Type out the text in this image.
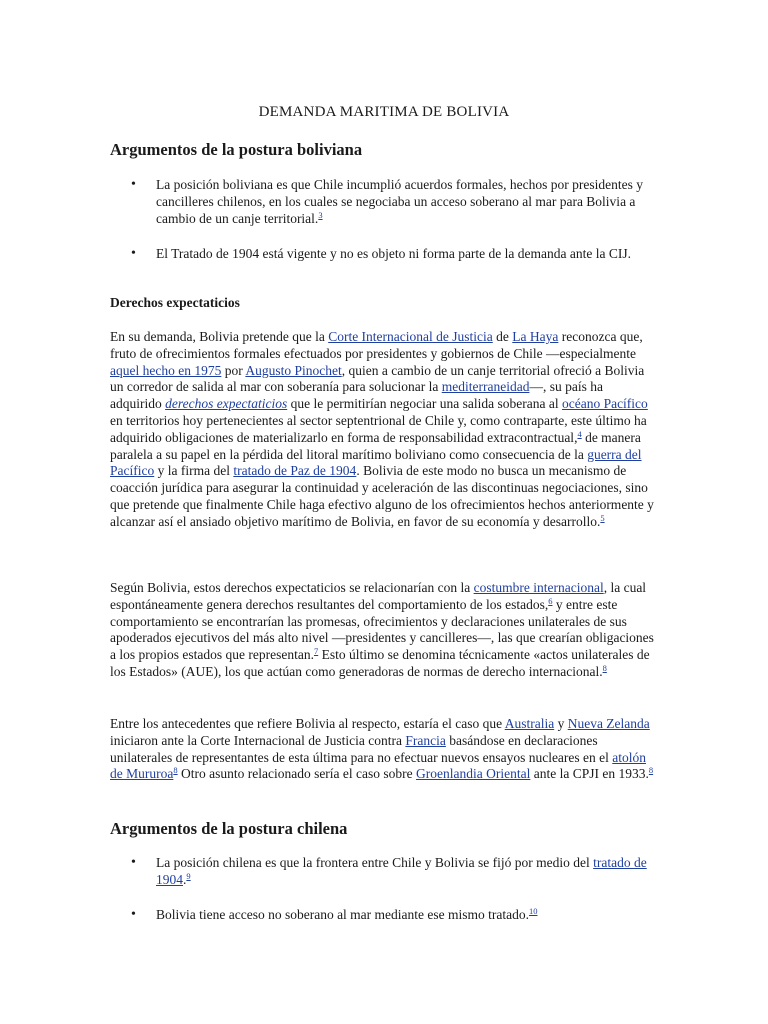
DEMANDA MARITIMA DE BOLIVIA
Argumentos de la postura boliviana
• La posición boliviana es que Chile incumplió acuerdos formales, hechos por presidentes y cancilleres chilenos, en los cuales se negociaba un acceso soberano al mar para Bolivia a cambio de un canje territorial.$^3$
• El Tratado de 1904 está vigente y no es objeto ni forma parte de la demanda ante la CIJ.
Derechos expectaticios
En su demanda, Bolivia pretende que la Corte Internacional de Justicia de La Haya reconozca que, fruto de ofrecimientos formales efectuados por presidentes y gobiernos de Chile —especialmente aquel hecho en 1975 por Augusto Pinochet, quien a cambio de un canje territorial ofreció a Bolivia un corredor de salida al mar con soberanía para solucionar la mediterraneidad—, su país ha adquirido derechos expectaticios que le permitirían negociar una salida soberana al océano Pacífico en territorios hoy pertenecientes al sector septentrional de Chile y, como contraparte, este último ha adquirido obligaciones de materializarlo en forma de responsabilidad extracontractual,$^4$ de manera paralela a su papel en la pérdida del litoral marítimo boliviano como consecuencia de la guerra del Pacífico y la firma del tratado de Paz de 1904. Bolivia de este modo no busca un mecanismo de coacción jurídica para asegurar la continuidad y aceleración de las discontinuas negociaciones, sino que pretende que finalmente Chile haga efectivo alguno de los ofrecimientos hechos anteriormente y alcanzar así el ansiado objetivo marítimo de Bolivia, en favor de su economía y desarrollo.$^5$
Según Bolivia, estos derechos expectaticios se relacionarían con la costumbre internacional, la cual espontáneamente genera derechos resultantes del comportamiento de los estados,$^6$ y entre este comportamiento se encontrarían las promesas, ofrecimientos y declaraciones unilaterales de sus apoderados ejecutivos del más alto nivel —presidentes y cancilleres—, las que crearían obligaciones a los propios estados que representan.$^7$ Esto último se denomina técnicamente «actos unilaterales de los Estados» (AUE), los que actúan como generadoras de normas de derecho internacional.$^8$
Entre los antecedentes que refiere Bolivia al respecto, estaría el caso que Australia y Nueva Zelanda iniciaron ante la Corte Internacional de Justicia contra Francia basándose en declaraciones unilaterales de representantes de esta última para no efectuar nuevos ensayos nucleares en el atolón de Mururoa$^8$ Otro asunto relacionado sería el caso sobre Groenlandia Oriental ante la CPJI en 1933.$^8$
Argumentos de la postura chilena
• La posición chilena es que la frontera entre Chile y Bolivia se fijó por medio del tratado de 1904.$^9$
• Bolivia tiene acceso no soberano al mar mediante ese mismo tratado.$^{10}$
